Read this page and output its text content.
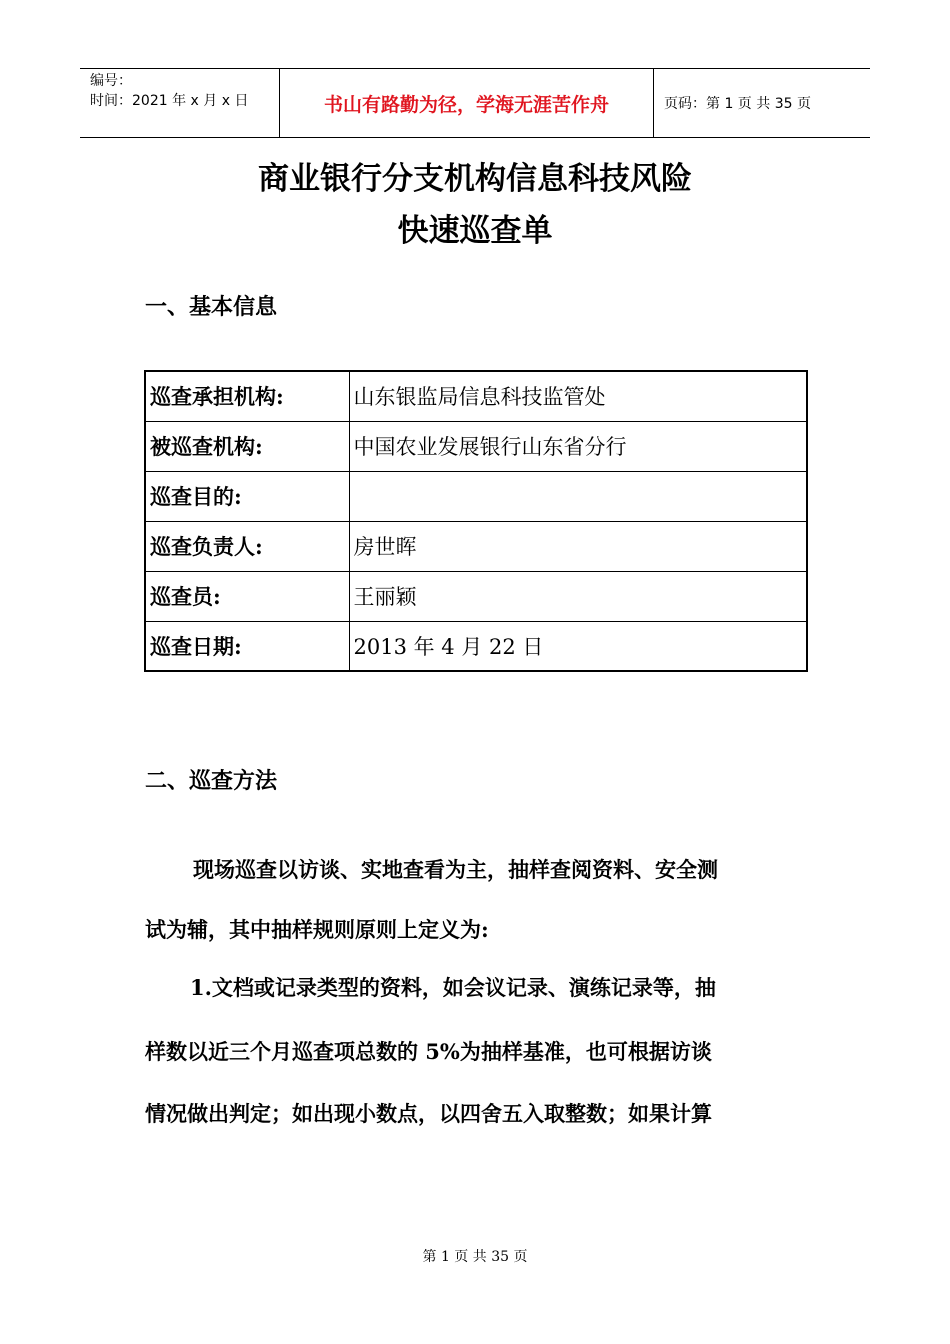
编号：
时间：2021 年 x 月 x 日	书山有路勤为径，学海无涯苦作舟	页码：第 1 页 共 35 页
商业银行分支机构信息科技风险
快速巡查单
一、基本信息
巡查承担机构:	山东银监局信息科技监管处
被巡查机构:	中国农业发展银行山东省分行
巡查目的:	
巡查负责人:	房世晖
巡查员:	王丽颖
巡查日期:	2013 年 4 月 22 日
二、巡查方法
现场巡查以访谈、实地查看为主，抽样查阅资料、安全测
试为辅，其中抽样规则原则上定义为:
1.文档或记录类型的资料，如会议记录、演练记录等，抽
样数以近三个月巡查项总数的 5%为抽样基准，也可根据访谈
情况做出判定；如出现小数点，以四舍五入取整数；如果计算
第 1 页 共 35 页
